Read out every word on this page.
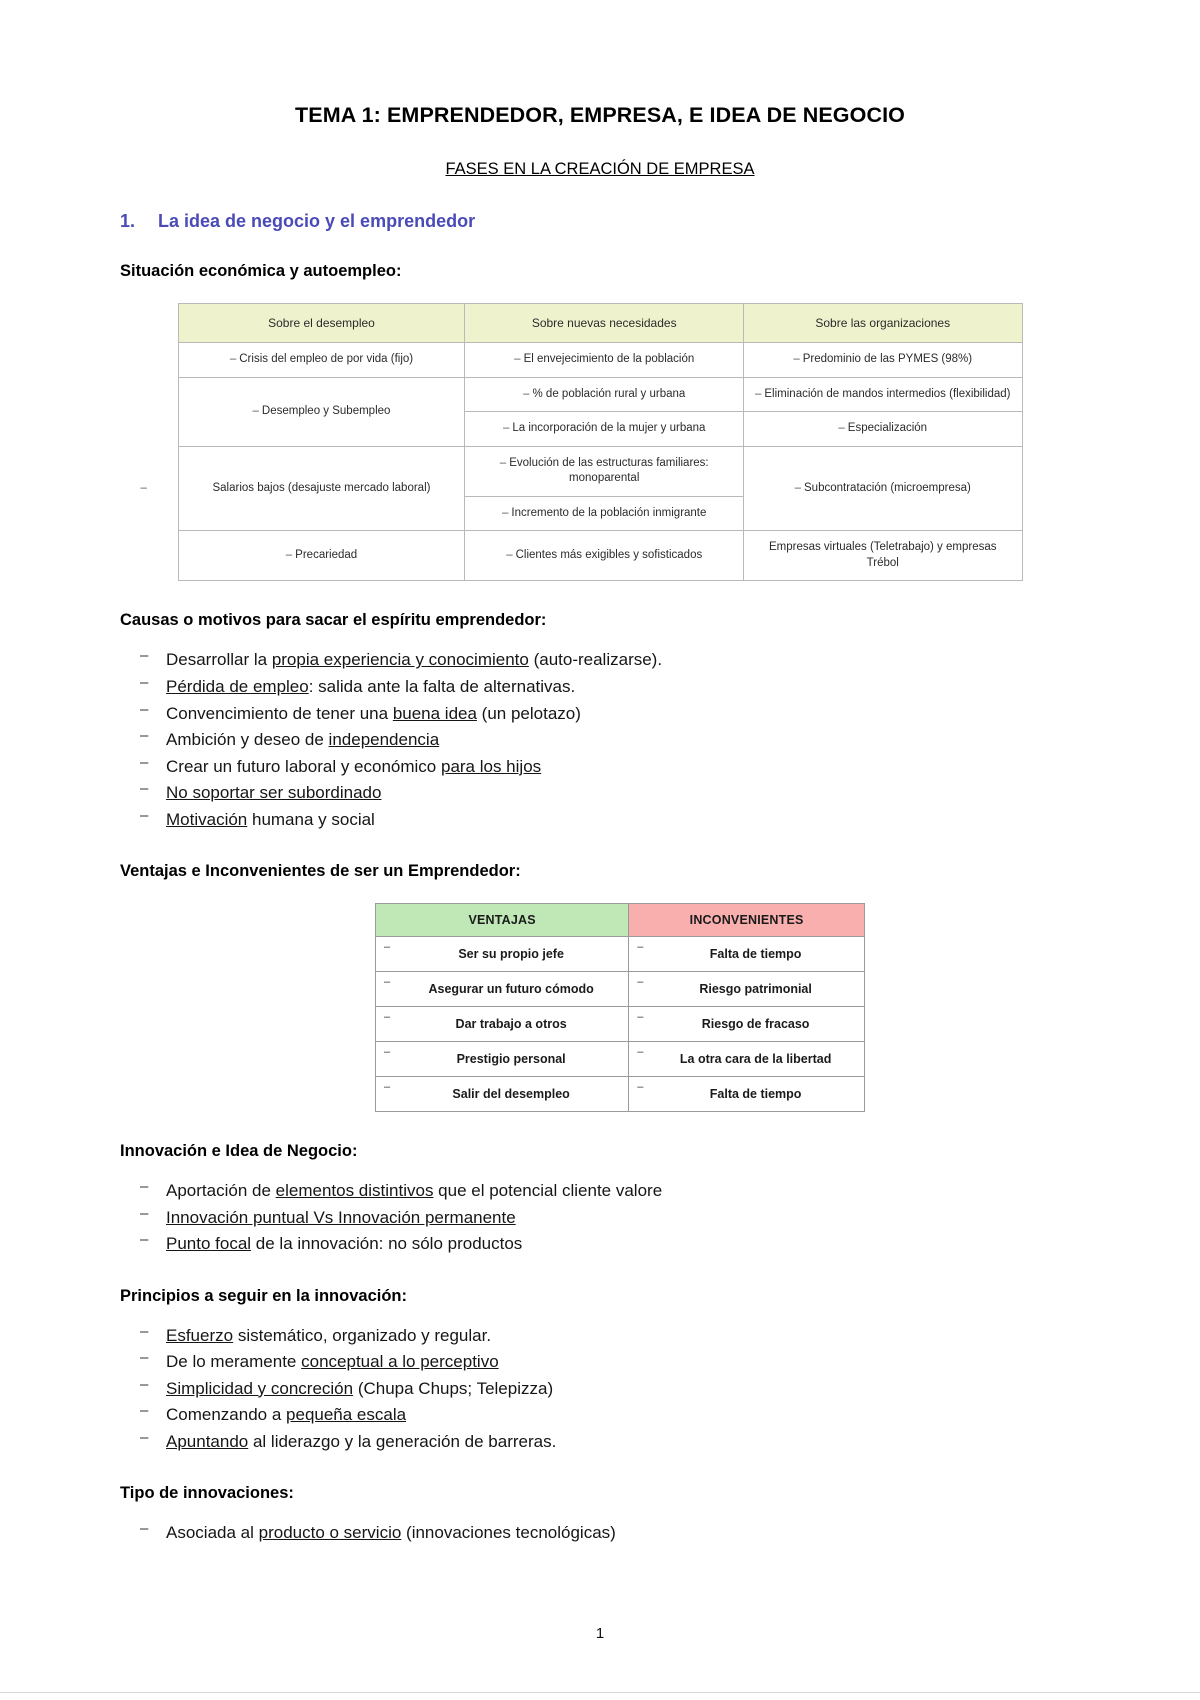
TEMA 1: EMPRENDEDOR, EMPRESA, E IDEA DE NEGOCIO
FASES EN LA CREACIÓN DE EMPRESA
1.	La idea de negocio y el emprendedor
Situación económica y autoempleo:
Sobre el desempleo	Sobre nuevas necesidades	Sobre las organizaciones
– Crisis del empleo de por vida (fijo)	– El envejecimiento de la población	– Predominio de las PYMES (98%)
– Desempleo y Subempleo	– % de población rural y urbana	– Eliminación de mandos intermedios (flexibilidad)
	– La incorporación de la mujer y urbana	– Especialización

– Salarios bajos (desajuste mercado laboral)	– Evolución de las estructuras familiares: monoparental	– Subcontratación (microempresa)
	– Incremento de la población inmigrante	
– Precariedad	– Clientes más exigibles y sofisticados	Empresas virtuales (Teletrabajo) y empresas Trébol
Causas o motivos para sacar el espíritu emprendedor:
– Desarrollar la propia experiencia y conocimiento (auto-realizarse).
– Pérdida de empleo: salida ante la falta de alternativas.
– Convencimiento de tener una buena idea (un pelotazo)
– Ambición y deseo de independencia
– Crear un futuro laboral y económico para los hijos
– No soportar ser subordinado
– Motivación humana y social
Ventajas e Inconvenientes de ser un Emprendedor:
VENTAJAS	INCONVENIENTES
– Ser su propio jefe	– Falta de tiempo
– Asegurar un futuro cómodo	– Riesgo patrimonial
– Dar trabajo a otros	– Riesgo de fracaso
– Prestigio personal	– La otra cara de la libertad
– Salir del desempleo	– Falta de tiempo
Innovación e Idea de Negocio:
– Aportación de elementos distintivos que el potencial cliente valore
– Innovación puntual Vs Innovación permanente
– Punto focal de la innovación: no sólo productos
Principios a seguir en la innovación:
– Esfuerzo sistemático, organizado y regular.
– De lo meramente conceptual a lo perceptivo
– Simplicidad y concreción (Chupa Chups; Telepizza)
– Comenzando a pequeña escala
– Apuntando al liderazgo y la generación de barreras.
Tipo de innovaciones:
– Asociada al producto o servicio (innovaciones tecnológicas)
1
